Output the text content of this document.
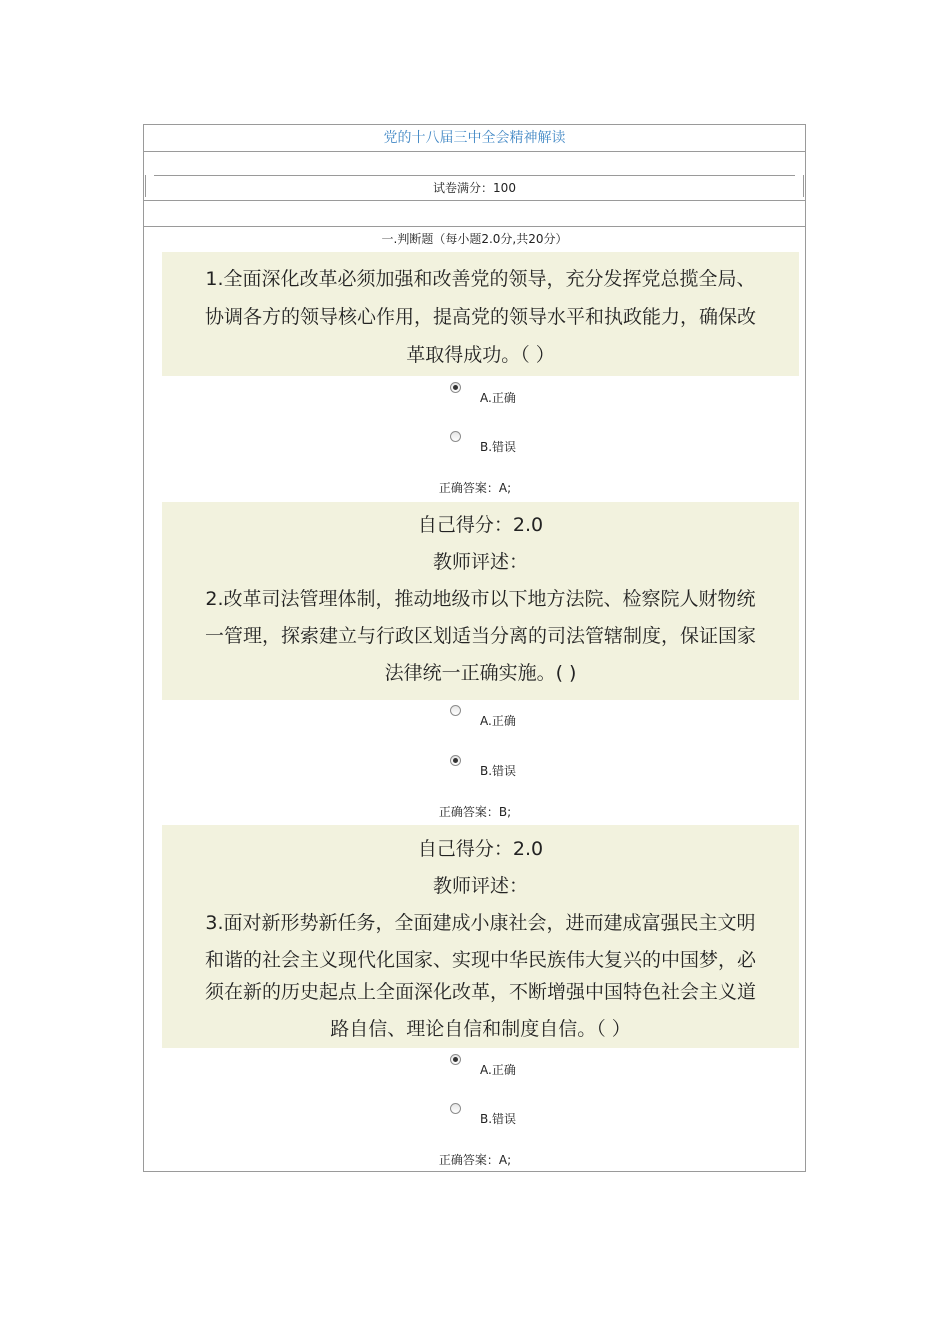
党的十八届三中全会精神解读
试卷满分：100
一.判断题（每小题2.0分,共20分）
1.全面深化改革必须加强和改善党的领导，充分发挥党总揽全局、
协调各方的领导核心作用，提高党的领导水平和执政能力，确保改
革取得成功。（ ）
A.正确
B.错误
正确答案：A;
自己得分：2.0
教师评述：
2.改革司法管理体制，推动地级市以下地方法院、检察院人财物统
一管理，探索建立与行政区划适当分离的司法管辖制度，保证国家
法律统一正确实施。( )
A.正确
B.错误
正确答案：B;
自己得分：2.0
教师评述：
3.面对新形势新任务，全面建成小康社会，进而建成富强民主文明
和谐的社会主义现代化国家、实现中华民族伟大复兴的中国梦，必
须在新的历史起点上全面深化改革，不断增强中国特色社会主义道
路自信、理论自信和制度自信。（ ）
A.正确
B.错误
正确答案：A;
